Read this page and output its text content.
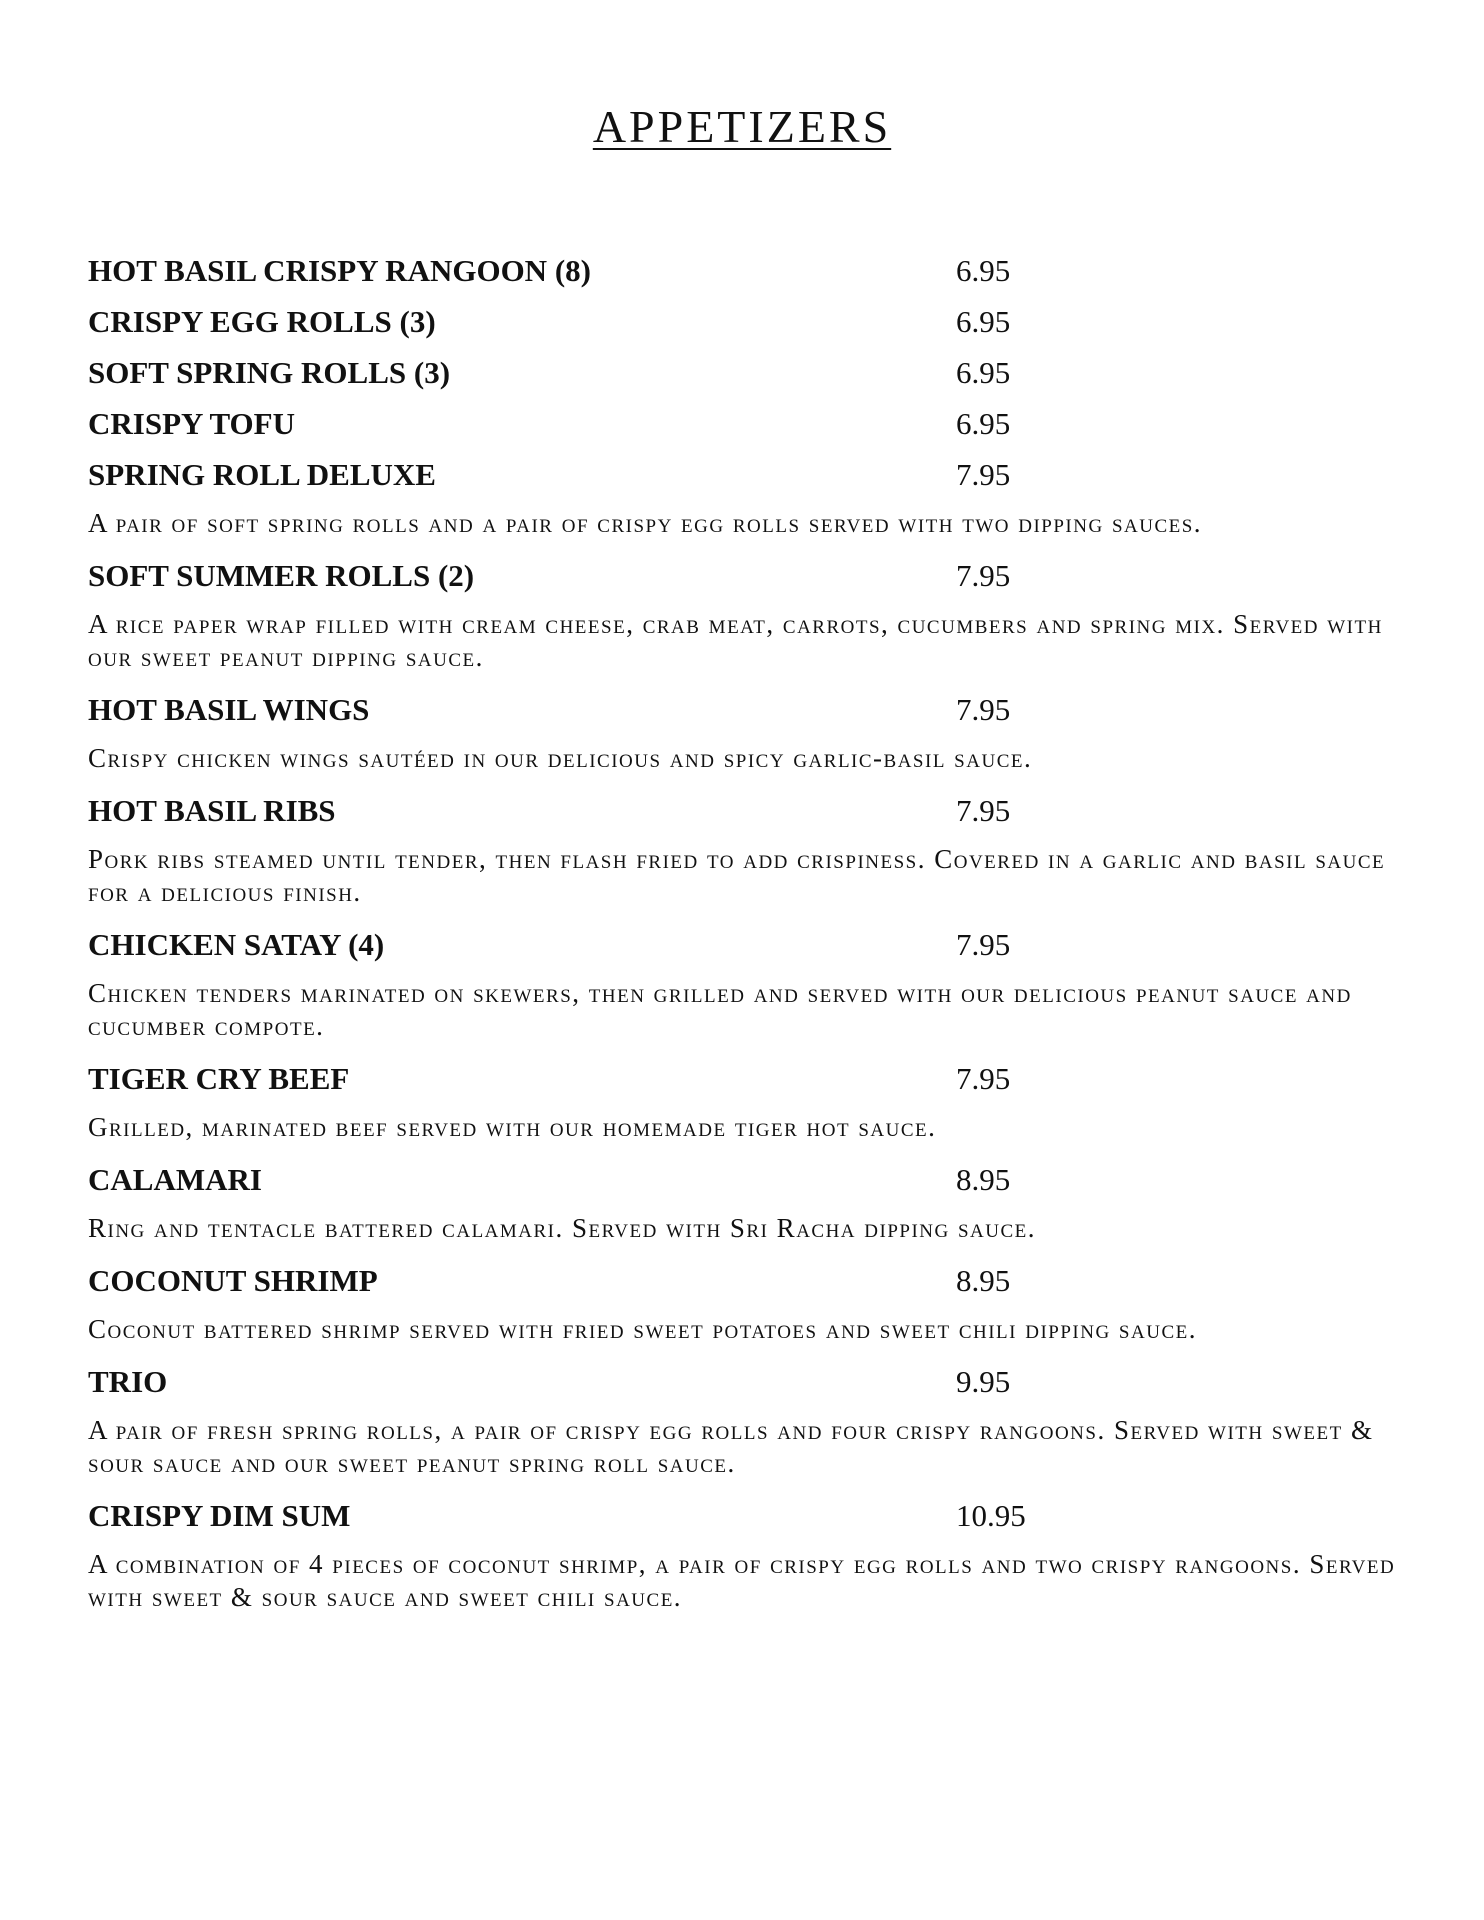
APPETIZERS
HOT BASIL CRISPY RANGOON (8)	6.95
CRISPY EGG ROLLS (3)	6.95
SOFT SPRING ROLLS (3)	6.95
CRISPY TOFU	6.95
SPRING ROLL DELUXE	7.95
A pair of soft spring rolls and a pair of crispy egg rolls served with two dipping sauces.
SOFT SUMMER ROLLS (2)	7.95
A rice paper wrap filled with cream cheese, crab meat, carrots, cucumbers and spring mix. Served with our sweet peanut dipping sauce.
HOT BASIL WINGS	7.95
Crispy chicken wings sautéed in our delicious and spicy garlic-basil sauce.
HOT BASIL RIBS	7.95
Pork ribs steamed until tender, then flash fried to add crispiness. Covered in a garlic and basil sauce for a delicious finish.
CHICKEN SATAY (4)	7.95
Chicken tenders marinated on skewers, then grilled and served with our delicious peanut sauce and cucumber compote.
TIGER CRY BEEF	7.95
Grilled, marinated beef served with our homemade tiger hot sauce.
CALAMARI	8.95
Ring and tentacle battered calamari. Served with Sri Racha dipping sauce.
COCONUT SHRIMP	8.95
Coconut battered shrimp served with fried sweet potatoes and sweet chili dipping sauce.
TRIO	9.95
A pair of fresh spring rolls, a pair of crispy egg rolls and four crispy rangoons. Served with sweet & sour sauce and our sweet peanut spring roll sauce.
CRISPY DIM SUM	10.95
A combination of 4 pieces of coconut shrimp, a pair of crispy egg rolls and two crispy rangoons. Served with sweet & sour sauce and sweet chili sauce.
